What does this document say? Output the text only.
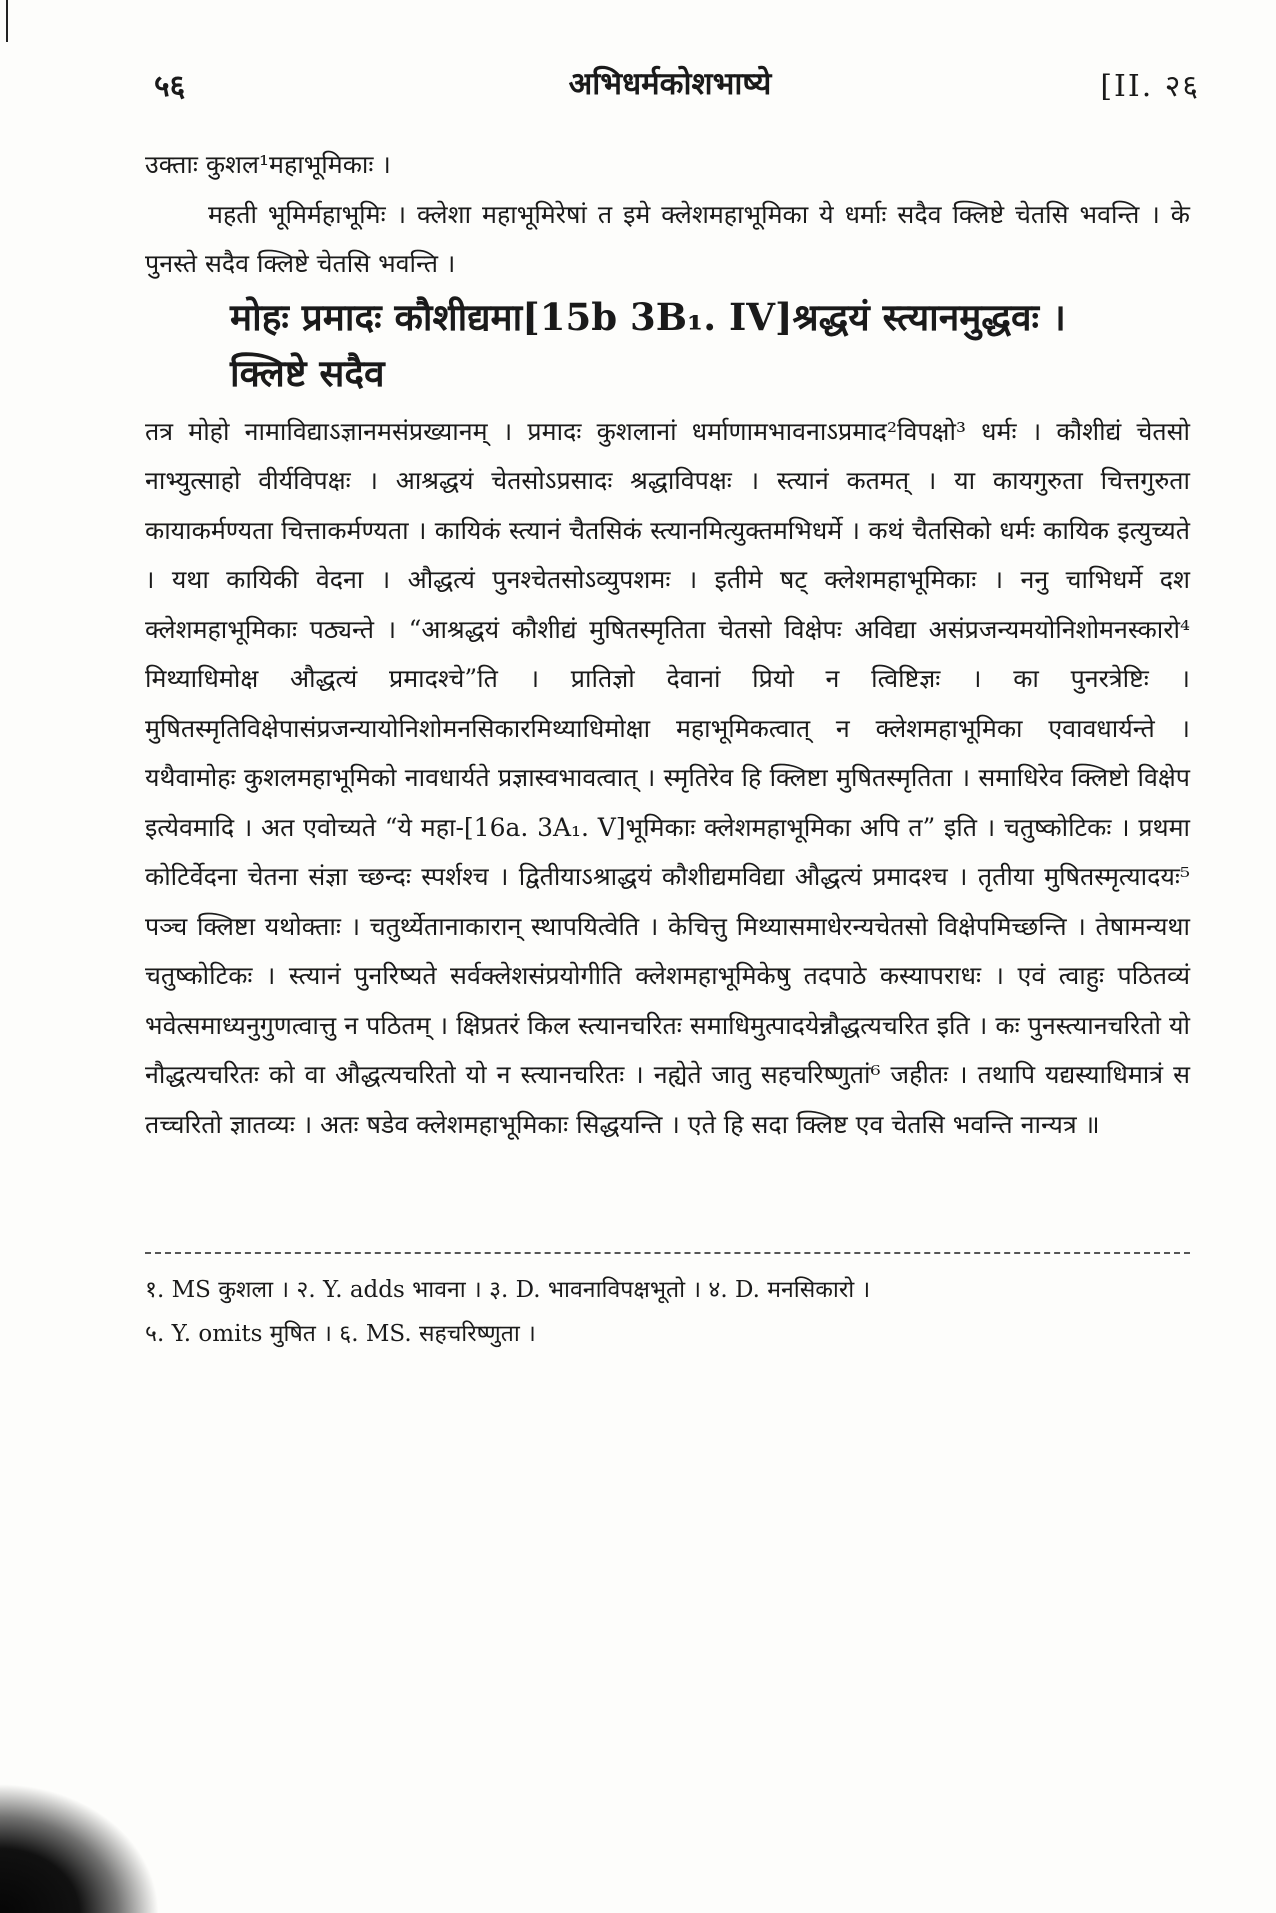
५६	अभिधर्मकोशभाष्ये	[II. २६

उक्ताः कुशल¹महाभूमिकाः ।

महती भूमिर्महाभूमिः । क्लेशा महाभूमिरेषां त इमे क्लेशमहाभूमिका ये धर्माः सदैव क्लिष्टे चेतसि भवन्ति । के पुनस्ते सदैव क्लिष्टे चेतसि भवन्ति ।

मोहः प्रमादः कौशीद्यमा[15b 3B₁. IV]श्रद्धयं स्त्यानमुद्धवः ।

क्लिष्टे सदैव

तत्र मोहो नामाविद्याऽज्ञानमसंप्रख्यानम् । प्रमादः कुशलानां धर्माणामभावनाऽप्रमाद²विपक्षो³ धर्मः । कौशीद्यं चेतसो नाभ्युत्साहो वीर्यविपक्षः । आश्रद्धयं चेतसोऽप्रसादः श्रद्धाविपक्षः । स्त्यानं कतमत् । या कायगुरुता चित्तगुरुता कायाकर्मण्यता चित्ताकर्मण्यता । कायिकं स्त्यानं चैतसिकं स्त्यानमित्युक्तमभिधर्मे । कथं चैतसिको धर्मः कायिक इत्युच्यते । यथा कायिकी वेदना । औद्धत्यं पुनश्चेतसोऽव्युपशमः । इतीमे षट् क्लेशमहाभूमिकाः । ननु चाभिधर्मे दश क्लेशमहाभूमिकाः पठ्यन्ते । “आश्रद्धयं कौशीद्यं मुषितस्मृतिता चेतसो विक्षेपः अविद्या असंप्रजन्यमयोनिशोमनस्कारो⁴ मिथ्याधिमोक्ष औद्धत्यं प्रमादश्चे”ति । प्रातिज्ञो देवानां प्रियो न त्विष्टिज्ञः । का पुनरत्रेष्टिः । मुषितस्मृतिविक्षेपासंप्रजन्यायोनिशोमनसिकारमिथ्याधिमोक्षा महाभूमिकत्वात् न क्लेशमहाभूमिका एवावधार्यन्ते । यथैवामोहः कुशलमहाभूमिको नावधार्यते प्रज्ञास्वभावत्वात् । स्मृतिरेव हि क्लिष्टा मुषितस्मृतिता । समाधिरेव क्लिष्टो विक्षेप इत्येवमादि । अत एवोच्यते “ये महा-[16a. 3A₁. V]भूमिकाः क्लेशमहाभूमिका अपि त” इति । चतुष्कोटिकः । प्रथमा कोटिर्वेदना चेतना संज्ञा च्छन्दः स्पर्शश्च । द्वितीयाऽश्राद्धयं कौशीद्यमविद्या औद्धत्यं प्रमादश्च । तृतीया मुषितस्मृत्यादयः⁵ पञ्च क्लिष्टा यथोक्ताः । चतुर्थ्येतानाकारान् स्थापयित्वेति । केचित्तु मिथ्यासमाधेरन्यचेतसो विक्षेपमिच्छन्ति । तेषामन्यथा चतुष्कोटिकः । स्त्यानं पुनरिष्यते सर्वक्लेशसंप्रयोगीति क्लेशमहाभूमिकेषु तदपाठे कस्यापराधः । एवं त्वाहुः पठितव्यं भवेत्समाध्यनुगुणत्वात्तु न पठितम् । क्षिप्रतरं किल स्त्यानचरितः समाधिमुत्पादयेन्नौद्धत्यचरित इति । कः पुनस्त्यानचरितो यो नौद्धत्यचरितः को वा औद्धत्यचरितो यो न स्त्यानचरितः । नह्येते जातु सहचरिष्णुतां⁶ जहीतः । तथापि यद्यस्याधिमात्रं स तच्चरितो ज्ञातव्यः । अतः षडेव क्लेशमहाभूमिकाः सिद्धयन्ति । एते हि सदा क्लिष्ट एव चेतसि भवन्ति नान्यत्र ॥

१. MS कुशला । २. Y. adds भावना । ३. D. भावनाविपक्षभूतो । ४. D. मनसिकारो ।

५. Y. omits मुषित । ६. MS. सहचरिष्णुता ।
